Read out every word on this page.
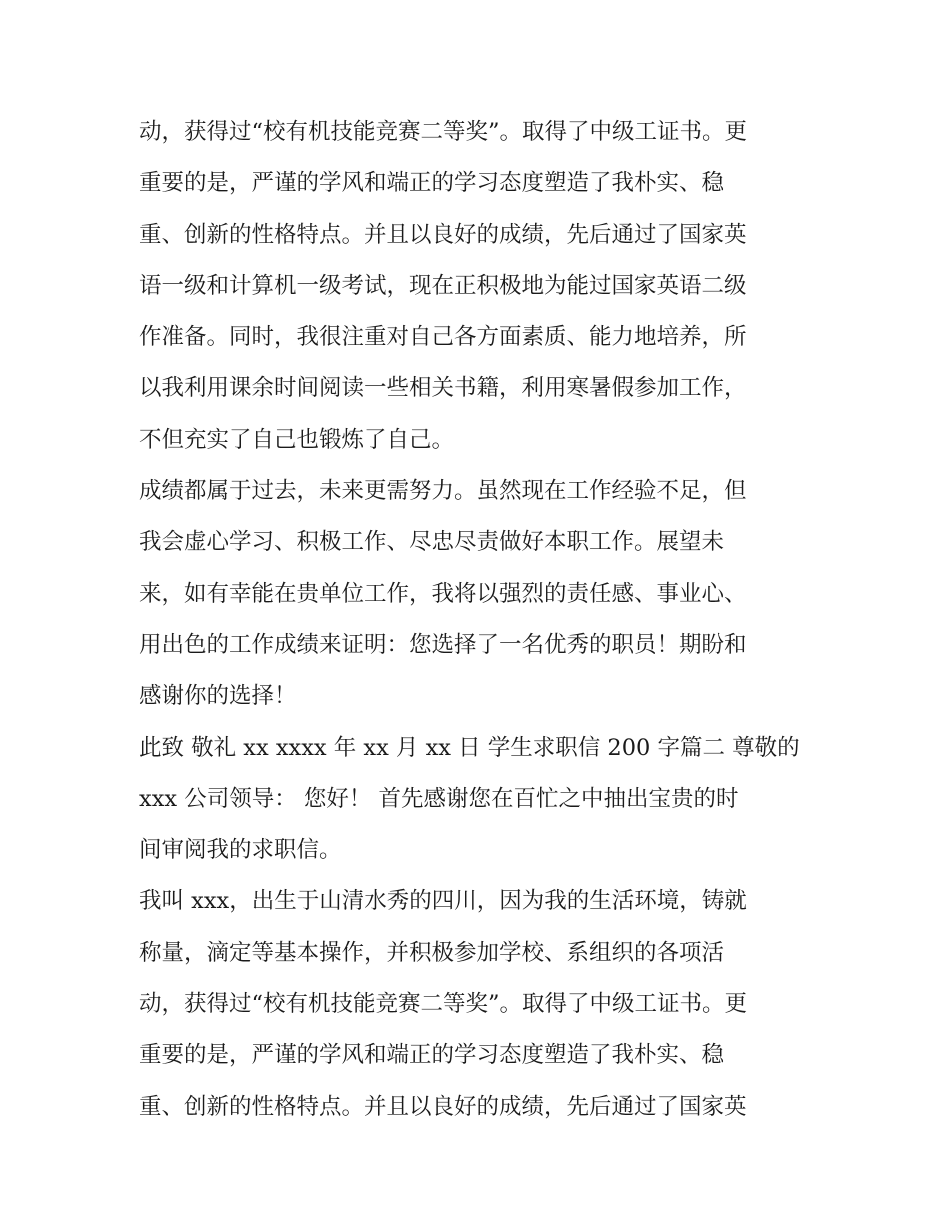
动，获得过“校有机技能竞赛二等奖”。取得了中级工证书。更
重要的是，严谨的学风和端正的学习态度塑造了我朴实、稳
重、创新的性格特点。并且以良好的成绩，先后通过了国家英
语一级和计算机一级考试，现在正积极地为能过国家英语二级
作准备。同时，我很注重对自己各方面素质、能力地培养，所
以我利用课余时间阅读一些相关书籍，利用寒暑假参加工作，
不但充实了自己也锻炼了自己。
成绩都属于过去，未来更需努力。虽然现在工作经验不足，但
我会虚心学习、积极工作、尽忠尽责做好本职工作。展望未
来，如有幸能在贵单位工作，我将以强烈的责任感、事业心、
用出色的工作成绩来证明：您选择了一名优秀的职员！期盼和
感谢你的选择！
此致 敬礼 xx xxxx 年 xx 月 xx 日 学生求职信 200 字篇二 尊敬的
xxx 公司领导： 您好！ 首先感谢您在百忙之中抽出宝贵的时
间审阅我的求职信。
我叫 xxx，出生于山清水秀的四川，因为我的生活环境，铸就
称量，滴定等基本操作，并积极参加学校、系组织的各项活
动，获得过“校有机技能竞赛二等奖”。取得了中级工证书。更
重要的是，严谨的学风和端正的学习态度塑造了我朴实、稳
重、创新的性格特点。并且以良好的成绩，先后通过了国家英
